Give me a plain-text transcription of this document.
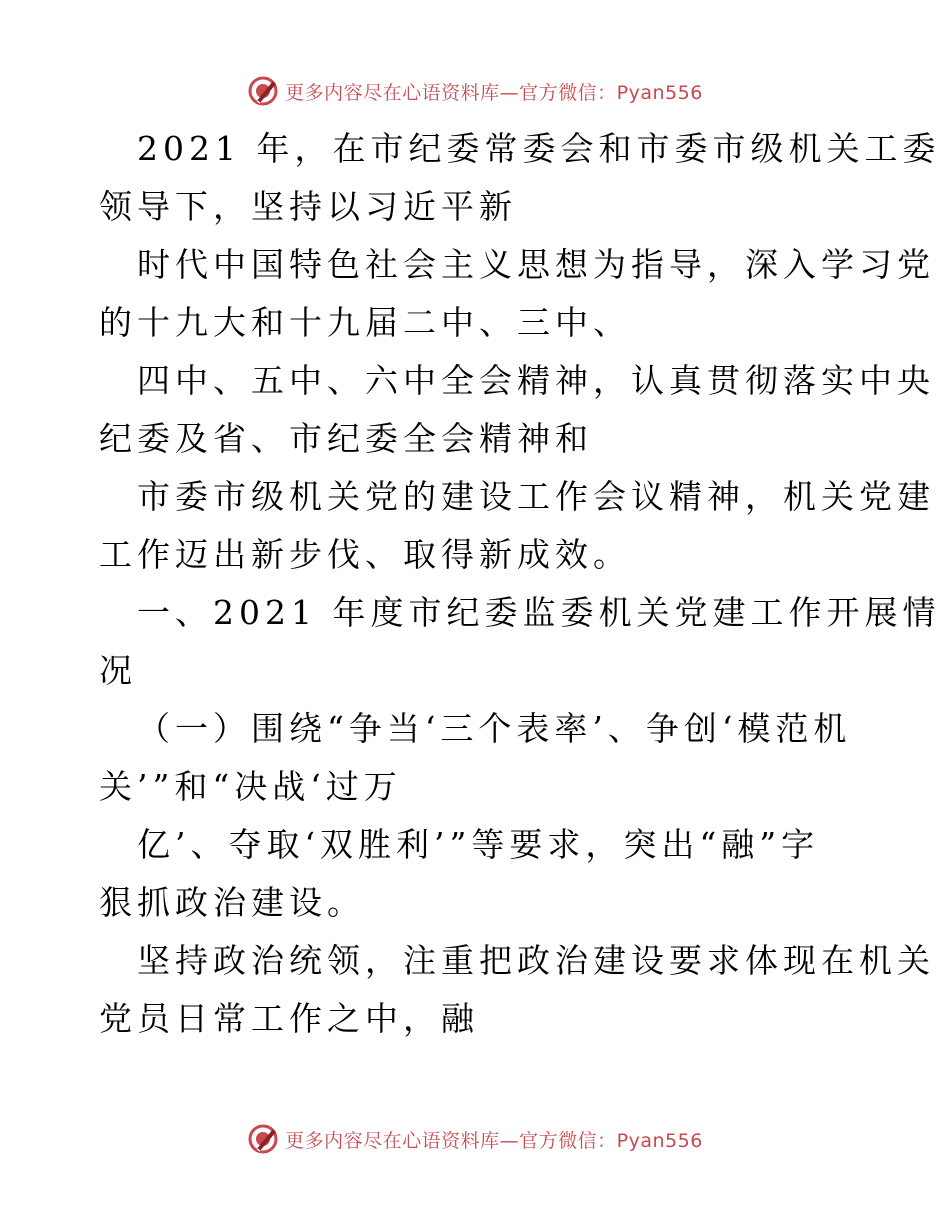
更多内容尽在心语资料库—官方微信：Pyan556

2021 年，在市纪委常委会和市委市级机关工委
领导下，坚持以习近平新

时代中国特色社会主义思想为指导，深入学习党
的十九大和十九届二中、三中、

四中、五中、六中全会精神，认真贯彻落实中央
纪委及省、市纪委全会精神和

市委市级机关党的建设工作会议精神，机关党建
工作迈出新步伐、取得新成效。

一、2021 年度市纪委监委机关党建工作开展情
况

（一）围绕“争当‘三个表率’、争创‘模范机
关’”和“决战‘过万

亿’、夺取‘双胜利’”等要求，突出“融”字
狠抓政治建设。

坚持政治统领，注重把政治建设要求体现在机关
党员日常工作之中，融

更多内容尽在心语资料库—官方微信：Pyan556
